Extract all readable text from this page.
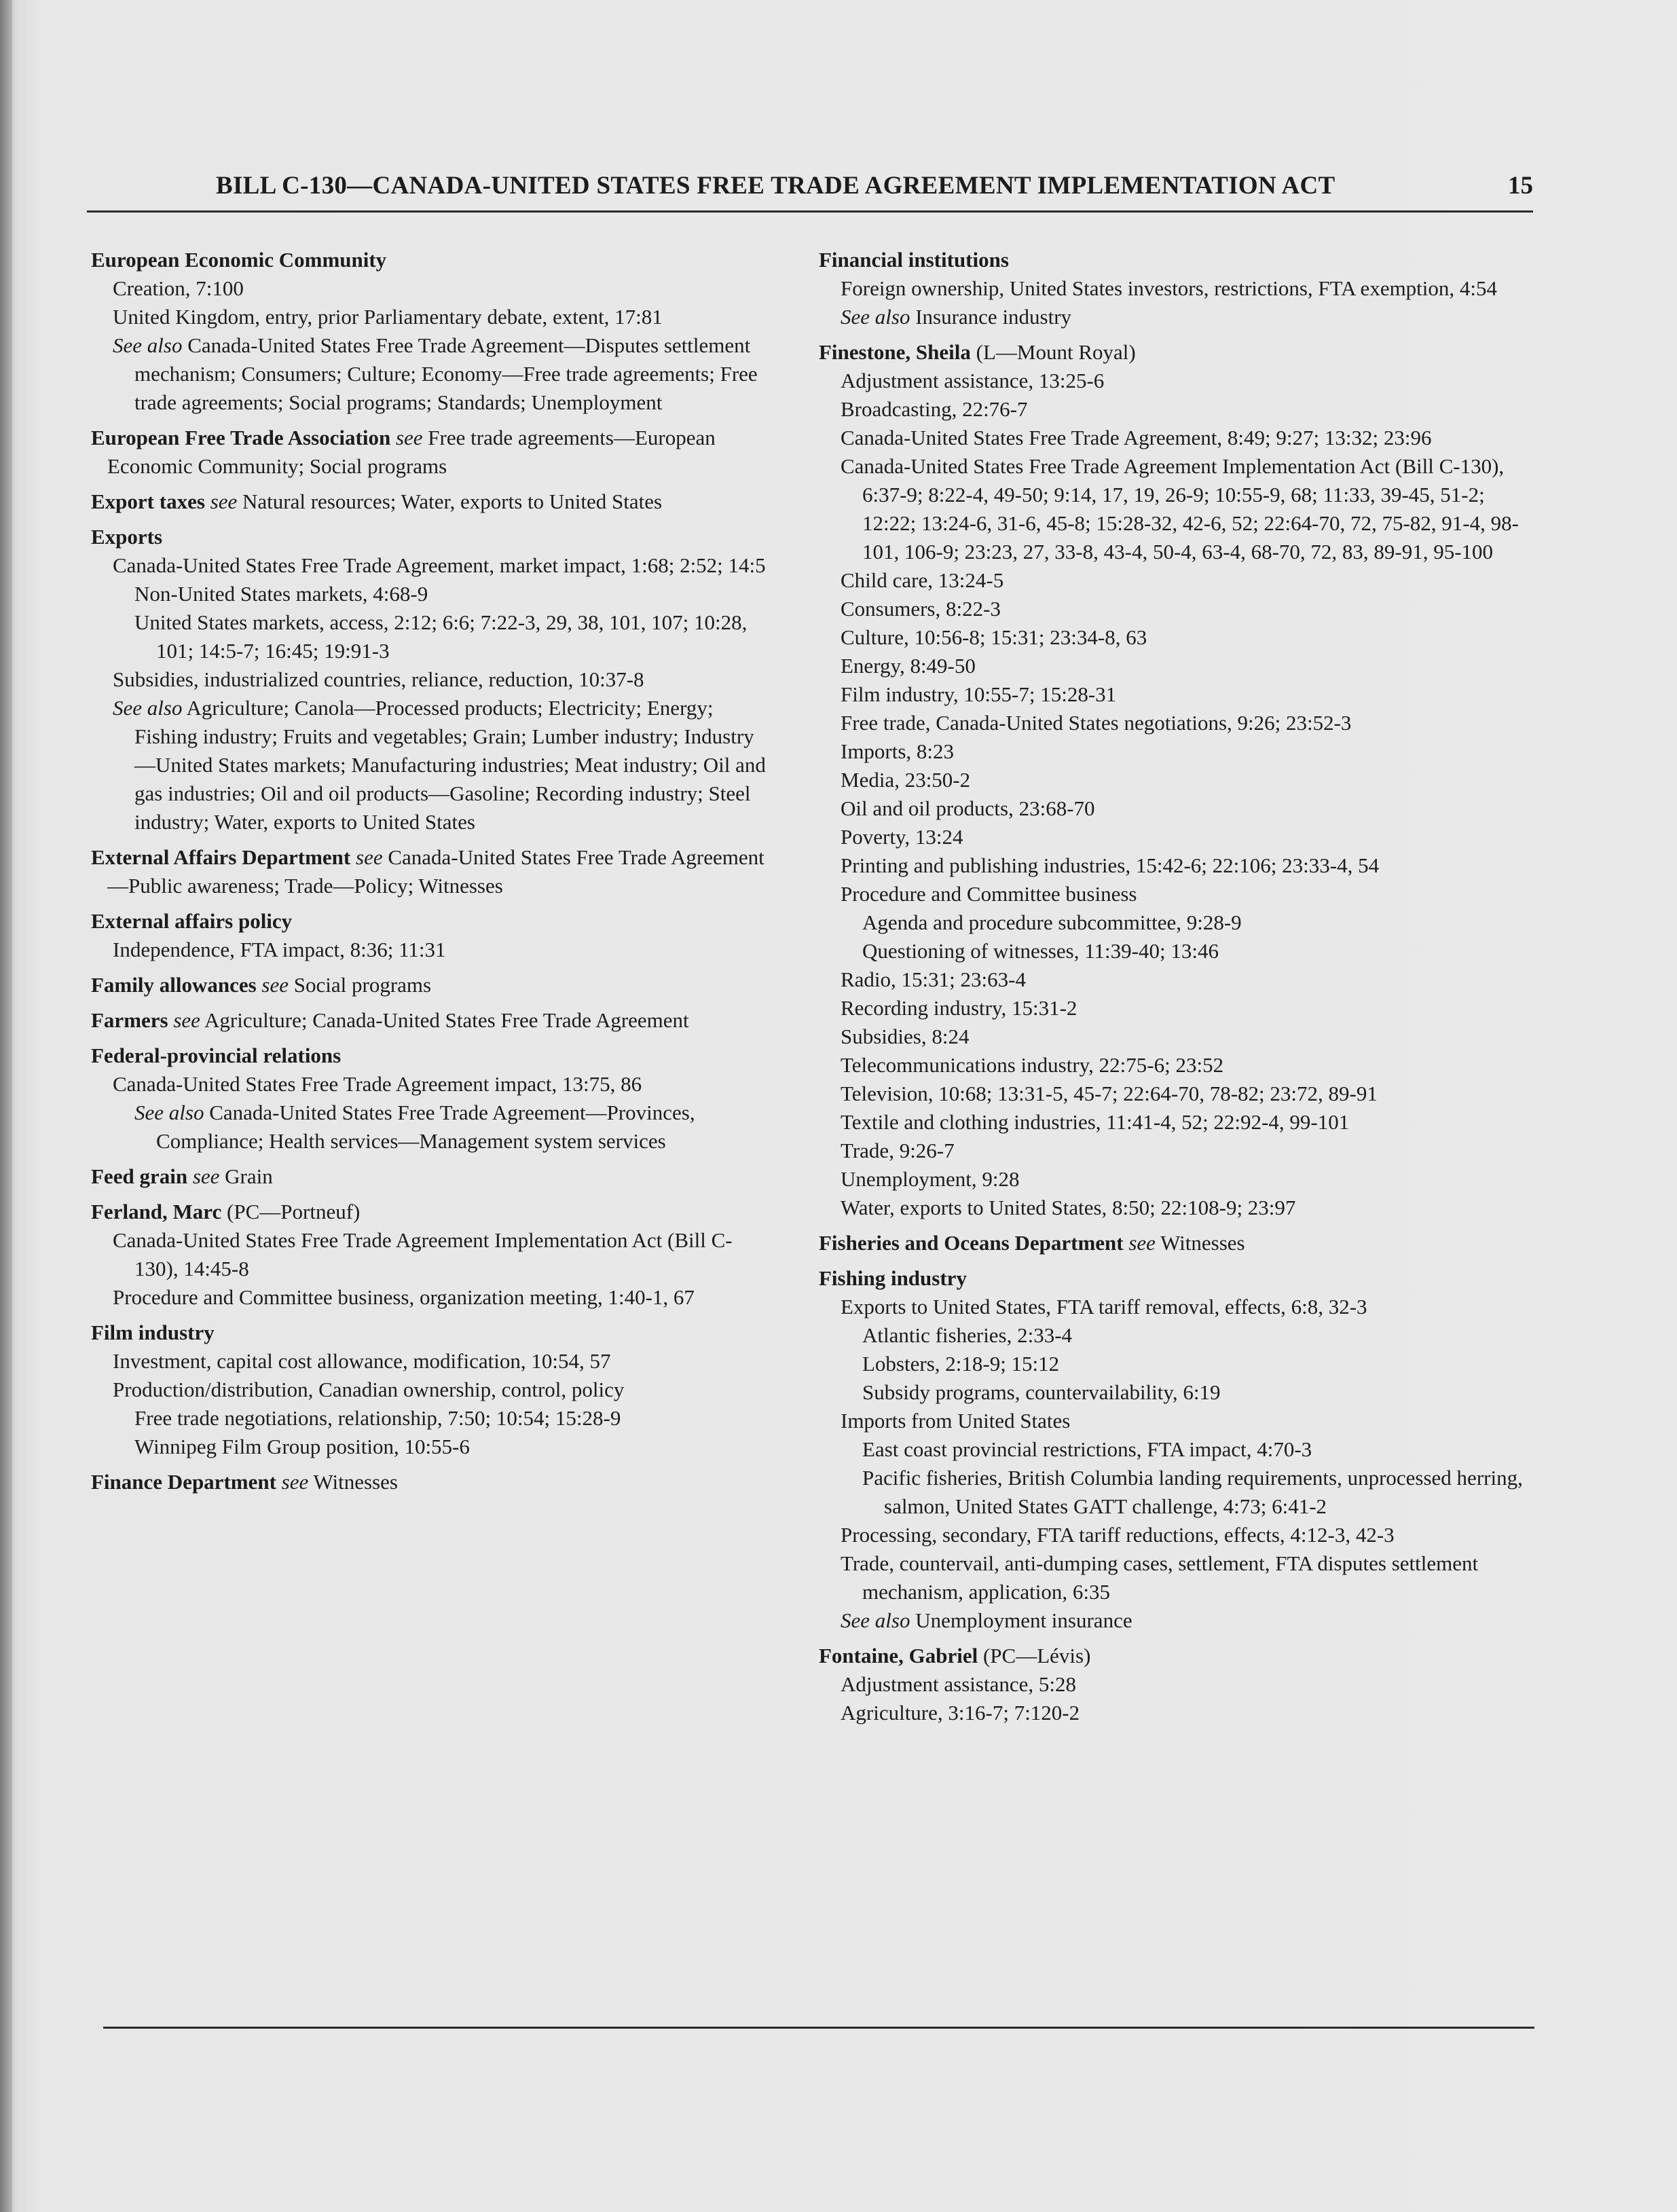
BILL C-130—CANADA-UNITED STATES FREE TRADE AGREEMENT IMPLEMENTATION ACT	15
European Economic Community
Creation, 7:100
United Kingdom, entry, prior Parliamentary debate, extent, 17:81
See also Canada-United States Free Trade Agreement—Disputes settlement mechanism; Consumers; Culture; Economy—Free trade agreements; Free trade agreements; Social programs; Standards; Unemployment
European Free Trade Association see Free trade agreements—European Economic Community; Social programs
Export taxes see Natural resources; Water, exports to United States
Exports
Canada-United States Free Trade Agreement, market impact, 1:68; 2:52; 14:5
Non-United States markets, 4:68-9
United States markets, access, 2:12; 6:6; 7:22-3, 29, 38, 101, 107; 10:28, 101; 14:5-7; 16:45; 19:91-3
Subsidies, industrialized countries, reliance, reduction, 10:37-8
See also Agriculture; Canola—Processed products; Electricity; Energy; Fishing industry; Fruits and vegetables; Grain; Lumber industry; Industry—United States markets; Manufacturing industries; Meat industry; Oil and gas industries; Oil and oil products—Gasoline; Recording industry; Steel industry; Water, exports to United States
External Affairs Department see Canada-United States Free Trade Agreement—Public awareness; Trade—Policy; Witnesses
External affairs policy
Independence, FTA impact, 8:36; 11:31
Family allowances see Social programs
Farmers see Agriculture; Canada-United States Free Trade Agreement
Federal-provincial relations
Canada-United States Free Trade Agreement impact, 13:75, 86
See also Canada-United States Free Trade Agreement—Provinces, Compliance; Health services—Management system services
Feed grain see Grain
Ferland, Marc (PC—Portneuf)
Canada-United States Free Trade Agreement Implementation Act (Bill C-130), 14:45-8
Procedure and Committee business, organization meeting, 1:40-1, 67
Film industry
Investment, capital cost allowance, modification, 10:54, 57
Production/distribution, Canadian ownership, control, policy
Free trade negotiations, relationship, 7:50; 10:54; 15:28-9
Winnipeg Film Group position, 10:55-6
Finance Department see Witnesses
Financial institutions
Foreign ownership, United States investors, restrictions, FTA exemption, 4:54
See also Insurance industry
Finestone, Sheila (L—Mount Royal)
Adjustment assistance, 13:25-6
Broadcasting, 22:76-7
Canada-United States Free Trade Agreement, 8:49; 9:27; 13:32; 23:96
Canada-United States Free Trade Agreement Implementation Act (Bill C-130), 6:37-9; 8:22-4, 49-50; 9:14, 17, 19, 26-9; 10:55-9, 68; 11:33, 39-45, 51-2; 12:22; 13:24-6, 31-6, 45-8; 15:28-32, 42-6, 52; 22:64-70, 72, 75-82, 91-4, 98-101, 106-9; 23:23, 27, 33-8, 43-4, 50-4, 63-4, 68-70, 72, 83, 89-91, 95-100
Child care, 13:24-5
Consumers, 8:22-3
Culture, 10:56-8; 15:31; 23:34-8, 63
Energy, 8:49-50
Film industry, 10:55-7; 15:28-31
Free trade, Canada-United States negotiations, 9:26; 23:52-3
Imports, 8:23
Media, 23:50-2
Oil and oil products, 23:68-70
Poverty, 13:24
Printing and publishing industries, 15:42-6; 22:106; 23:33-4, 54
Procedure and Committee business
Agenda and procedure subcommittee, 9:28-9
Questioning of witnesses, 11:39-40; 13:46
Radio, 15:31; 23:63-4
Recording industry, 15:31-2
Subsidies, 8:24
Telecommunications industry, 22:75-6; 23:52
Television, 10:68; 13:31-5, 45-7; 22:64-70, 78-82; 23:72, 89-91
Textile and clothing industries, 11:41-4, 52; 22:92-4, 99-101
Trade, 9:26-7
Unemployment, 9:28
Water, exports to United States, 8:50; 22:108-9; 23:97
Fisheries and Oceans Department see Witnesses
Fishing industry
Exports to United States, FTA tariff removal, effects, 6:8, 32-3
Atlantic fisheries, 2:33-4
Lobsters, 2:18-9; 15:12
Subsidy programs, countervailability, 6:19
Imports from United States
East coast provincial restrictions, FTA impact, 4:70-3
Pacific fisheries, British Columbia landing requirements, unprocessed herring, salmon, United States GATT challenge, 4:73; 6:41-2
Processing, secondary, FTA tariff reductions, effects, 4:12-3, 42-3
Trade, countervail, anti-dumping cases, settlement, FTA disputes settlement mechanism, application, 6:35
See also Unemployment insurance
Fontaine, Gabriel (PC—Lévis)
Adjustment assistance, 5:28
Agriculture, 3:16-7; 7:120-2
